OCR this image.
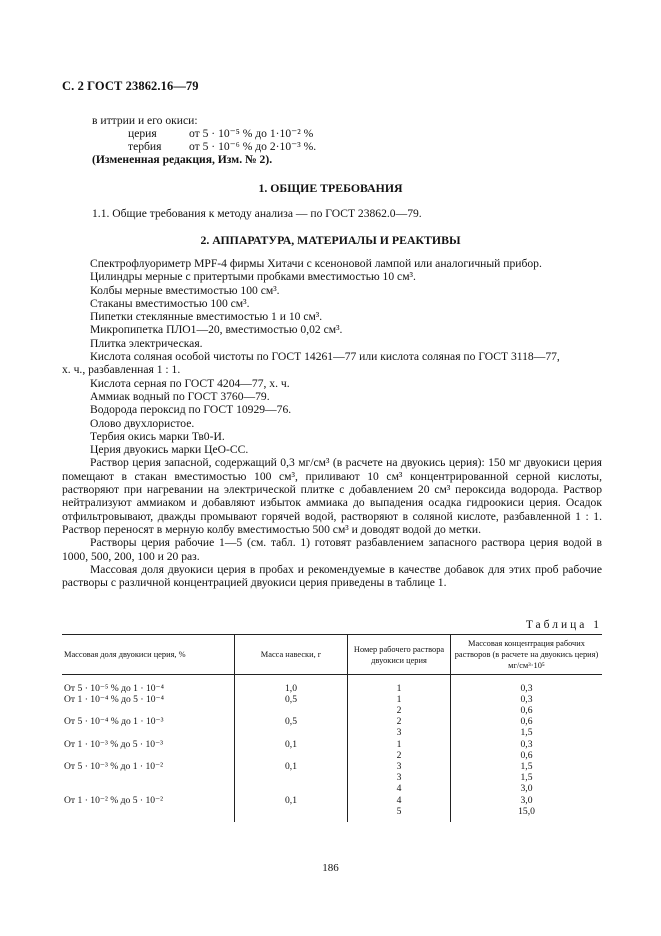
С. 2 ГОСТ 23862.16—79
в иттрии и его окиси:
церия	от 5 · 10⁻⁵ % до 1·10⁻² %
тербия от 5 · 10⁻⁶ % до 2·10⁻³ %.
(Измененная редакция, Изм. № 2).
1. ОБЩИЕ ТРЕБОВАНИЯ
1.1. Общие требования к методу анализа — по ГОСТ 23862.0—79.
2. АППАРАТУРА, МАТЕРИАЛЫ И РЕАКТИВЫ

Спектрофлуориметр MPF-4 фирмы Хитачи с ксеноновой лампой или аналогичный прибор.

Цилиндры мерные с притертыми пробками вместимостью 10 см³.

Колбы мерные вместимостью 100 см³.

Стаканы вместимостью 100 см³.

Пипетки стеклянные вместимостью 1 и 10 см³.

Микропипетка ПЛО1—20, вместимостью 0,02 см³.

Плитка электрическая.

Кислота соляная особой чистоты по ГОСТ 14261—77 или кислота соляная по ГОСТ 3118—77,

х. ч., разбавленная 1 : 1.

Кислота серная по ГОСТ 4204—77, х. ч.

Аммиак водный по ГОСТ 3760—79.

Водорода пероксид по ГОСТ 10929—76.

Олово двухлористое.

Тербия окись марки Тв0-И.

Церия двуокись марки ЦеО-СС.

Раствор церия запасной, содержащий 0,3 мг/см³ (в расчете на двуокись церия): 150 мг двуокиси церия помещают в стакан вместимостью 100 см³, приливают 10 см³ концентрированной серной кислоты, растворяют при нагревании на электрической плитке с добавлением 20 см³ пероксида водорода. Раствор нейтрализуют аммиаком и добавляют избыток аммиака до выпадения осадка гидроокиси церия. Осадок отфильтровывают, дважды промывают горячей водой, растворяют в соляной кислоте, разбавленной 1 : 1. Раствор переносят в мерную колбу вместимостью 500 см³ и доводят водой до метки.

Растворы церия рабочие 1—5 (см. табл. 1) готовят разбавлением запасного раствора церия водой в 1000, 500, 200, 100 и 20 раз.

Массовая доля двуокиси церия в пробах и рекомендуемые в качестве добавок для этих проб рабочие растворы с различной концентрацией двуокиси церия приведены в таблице 1.

Таблица 1
Массовая доля двуокиси церия, %	Масса навески, г	Номер рабочего раствора двуокиси церия	Массовая концентрация рабочих растворов (в расчете на двуокись церия) мг/см³·10⁵

От 5 · 10⁻⁵ % до 1 · 10⁻⁴	1,0	1	0,3
От 1 · 10⁻⁴ % до 5 · 10⁻⁴	0,5	1	0,3
		2	0,6
От 5 · 10⁻⁴ % до 1 · 10⁻³	0,5	2	0,6
		3	1,5
От 1 · 10⁻³ % до 5 · 10⁻³	0,1	1	0,3
		2	0,6
От 5 · 10⁻³ % до 1 · 10⁻²	0,1	3	1,5
		3	1,5
		4	3,0
От 1 · 10⁻² % до 5 · 10⁻²	0,1	4	3,0
		5	15,0

186
